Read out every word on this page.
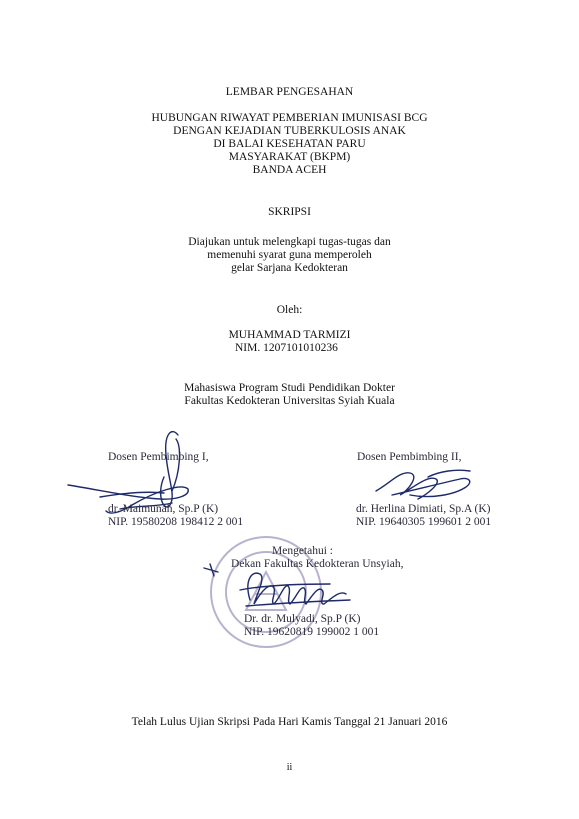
LEMBAR PENGESAHAN
HUBUNGAN RIWAYAT PEMBERIAN IMUNISASI BCG
DENGAN KEJADIAN TUBERKULOSIS ANAK
DI BALAI KESEHATAN PARU
MASYARAKAT (BKPM)
BANDA ACEH
SKRIPSI
Diajukan untuk melengkapi tugas-tugas dan
memenuhi syarat guna memperoleh
gelar Sarjana Kedokteran
Oleh:
MUHAMMAD TARMIZI
NIM. 1207101010236
Mahasiswa Program Studi Pendidikan Dokter
Fakultas Kedokteran Universitas Syiah Kuala
Dosen Pembimbing I,
dr. Maimunah, Sp.P (K)
NIP. 19580208 198412 2 001
Dosen Pembimbing II,
dr. Herlina Dimiati, Sp.A (K)
NIP. 19640305 199601 2 001
Mengetahui :
Dekan Fakultas Kedokteran Unsyiah,
Dr. dr. Mulyadi, Sp.P (K)
NIP. 19620819 199002 1 001
Telah Lulus Ujian Skripsi Pada Hari Kamis Tanggal 21 Januari 2016
ii
